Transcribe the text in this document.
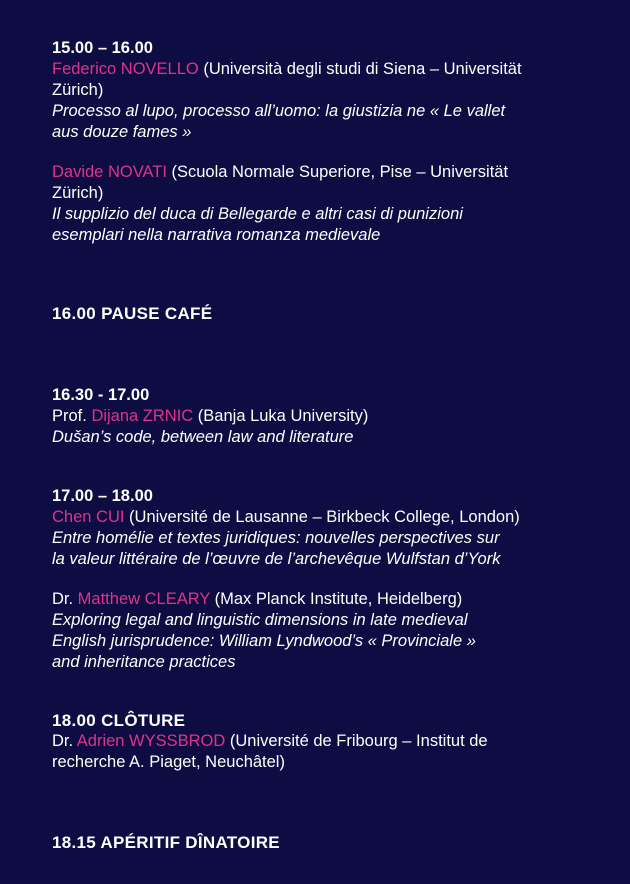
15.00 – 16.00
Federico NOVELLO (Università degli studi di Siena – Universität
Zürich)
Processo al lupo, processo all’uomo: la giustizia ne « Le vallet
aus douze fames »
Davide NOVATI (Scuola Normale Superiore, Pise – Universität
Zürich)
Il supplizio del duca di Bellegarde e altri casi di punizioni
esemplari nella narrativa romanza medievale
16.00 PAUSE CAFÉ
16.30 - 17.00
Prof. Dijana ZRNIC (Banja Luka University)
Dušan’s code, between law and literature
17.00 – 18.00
Chen CUI (Université de Lausanne – Birkbeck College, London)
Entre homélie et textes juridiques: nouvelles perspectives sur
la valeur littéraire de l’œuvre de l’archevêque Wulfstan d’York
Dr. Matthew CLEARY (Max Planck Institute, Heidelberg)
Exploring legal and linguistic dimensions in late medieval
English jurisprudence: William Lyndwood’s « Provinciale »
and inheritance practices
18.00 CLÔTURE
Dr. Adrien WYSSBROD (Université de Fribourg – Institut de
recherche A. Piaget, Neuchâtel)
18.15 APÉRITIF DÎNATOIRE
